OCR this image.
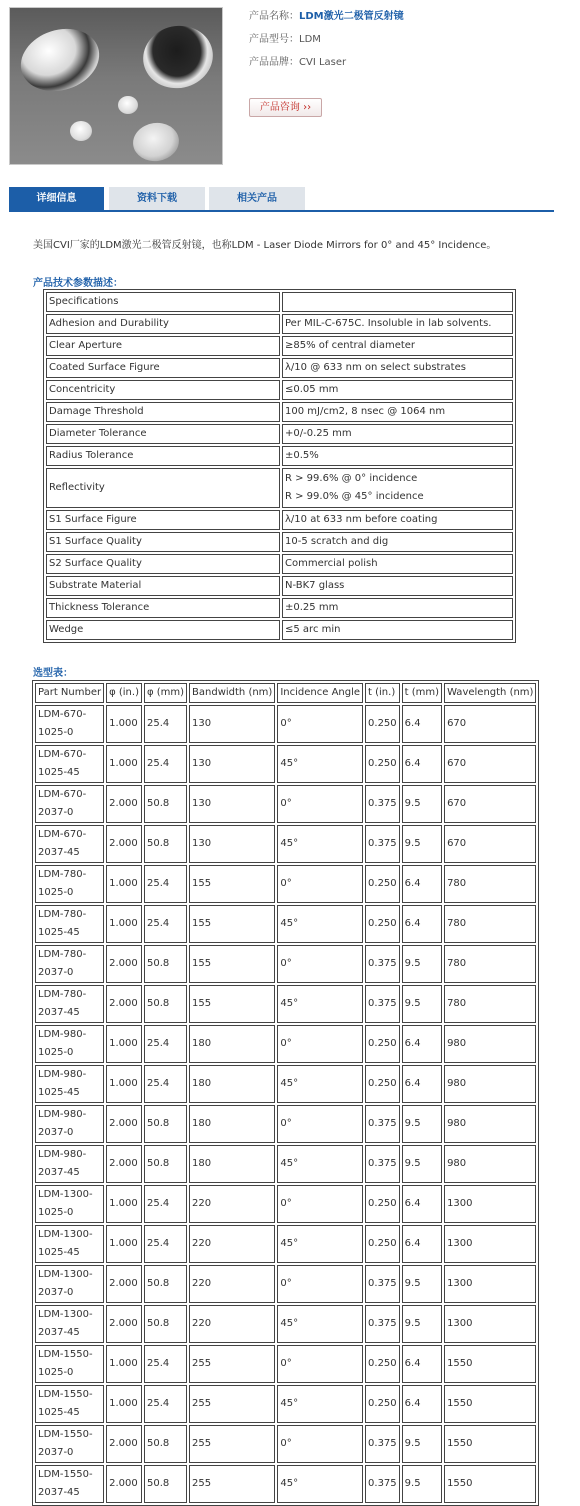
产品名称：LDM激光二极管反射镜
产品型号：LDM
产品品牌：CVI Laser
产品咨询 ››
详细信息	资料下载	相关产品
美国CVI厂家的LDM激光二极管反射镜，也称LDM - Laser Diode Mirrors for 0° and 45° Incidence。
产品技术参数描述：
Specifications	
Adhesion and Durability	Per MIL-C-675C. Insoluble in lab solvents.
Clear Aperture	≥85% of central diameter
Coated Surface Figure	λ/10 @ 633 nm on select substrates
Concentricity	≤0.05 mm
Damage Threshold	100 mJ/cm2, 8 nsec @ 1064 nm
Diameter Tolerance	+0/-0.25 mm
Radius Tolerance	±0.5%
Reflectivity	R > 99.6% @ 0° incidence
R > 99.0% @ 45° incidence

S1 Surface Figure	λ/10 at 633 nm before coating
S1 Surface Quality	10-5 scratch and dig
S2 Surface Quality	Commercial polish
Substrate Material	N-BK7 glass
Thickness Tolerance	±0.25 mm
Wedge	≤5 arc min
选型表：
Part Number	φ (in.)	φ (mm)	Bandwidth (nm)	Incidence Angle	t (in.)	t (mm)	Wavelength (nm)
LDM-670-1025-0	1.000	25.4	130	0°	0.250	6.4	670
LDM-670-1025-45	1.000	25.4	130	45°	0.250	6.4	670
LDM-670-2037-0	2.000	50.8	130	0°	0.375	9.5	670
LDM-670-2037-45	2.000	50.8	130	45°	0.375	9.5	670
LDM-780-1025-0	1.000	25.4	155	0°	0.250	6.4	780
LDM-780-1025-45	1.000	25.4	155	45°	0.250	6.4	780
LDM-780-2037-0	2.000	50.8	155	0°	0.375	9.5	780
LDM-780-2037-45	2.000	50.8	155	45°	0.375	9.5	780
LDM-980-1025-0	1.000	25.4	180	0°	0.250	6.4	980
LDM-980-1025-45	1.000	25.4	180	45°	0.250	6.4	980
LDM-980-2037-0	2.000	50.8	180	0°	0.375	9.5	980
LDM-980-2037-45	2.000	50.8	180	45°	0.375	9.5	980
LDM-1300-1025-0	1.000	25.4	220	0°	0.250	6.4	1300
LDM-1300-1025-45	1.000	25.4	220	45°	0.250	6.4	1300
LDM-1300-2037-0	2.000	50.8	220	0°	0.375	9.5	1300
LDM-1300-2037-45	2.000	50.8	220	45°	0.375	9.5	1300
LDM-1550-1025-0	1.000	25.4	255	0°	0.250	6.4	1550
LDM-1550-1025-45	1.000	25.4	255	45°	0.250	6.4	1550
LDM-1550-2037-0	2.000	50.8	255	0°	0.375	9.5	1550
LDM-1550-2037-45	2.000	50.8	255	45°	0.375	9.5	1550
